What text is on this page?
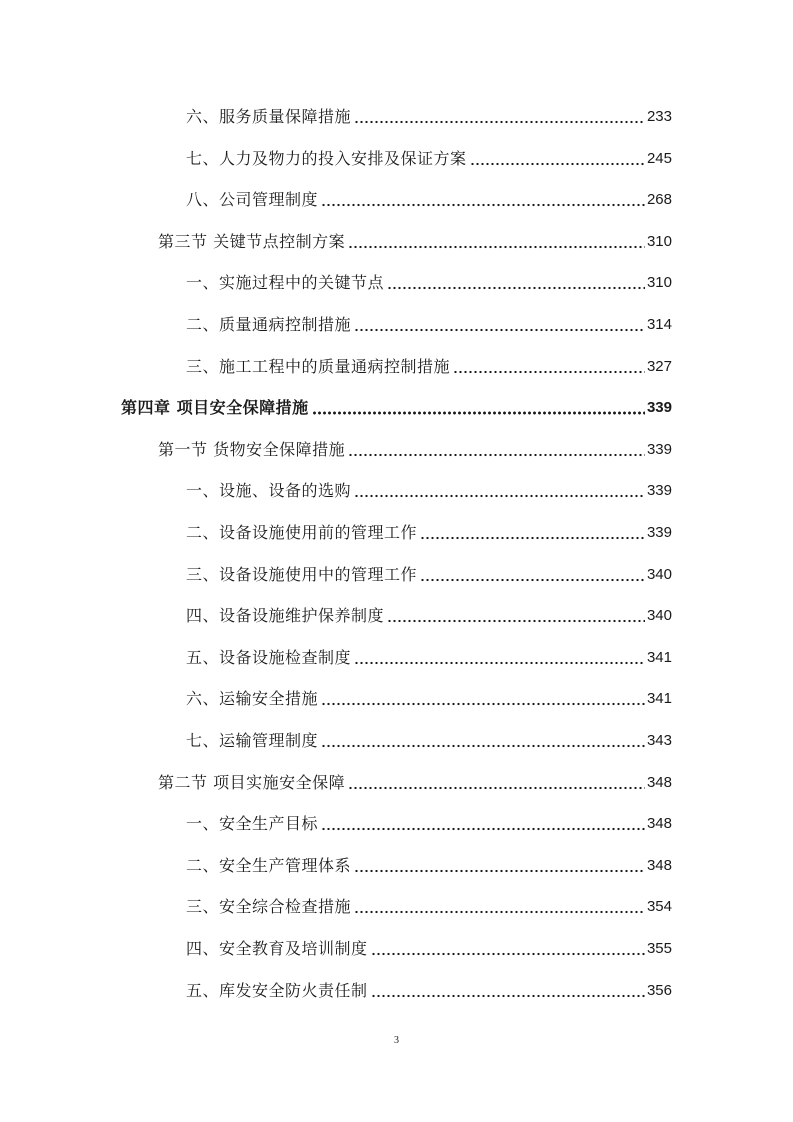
六、服务质量保障措施	233
七、人力及物力的投入安排及保证方案	245
八、公司管理制度	268
第三节 关键节点控制方案	310
一、实施过程中的关键节点	310
二、质量通病控制措施	314
三、施工工程中的质量通病控制措施	327
第四章 项目安全保障措施	339
第一节 货物安全保障措施	339
一、设施、设备的选购	339
二、设备设施使用前的管理工作	339
三、设备设施使用中的管理工作	340
四、设备设施维护保养制度	340
五、设备设施检查制度	341
六、运输安全措施	341
七、运输管理制度	343
第二节 项目实施安全保障	348
一、安全生产目标	348
二、安全生产管理体系	348
三、安全综合检查措施	354
四、安全教育及培训制度	355
五、库发安全防火责任制	356
3
